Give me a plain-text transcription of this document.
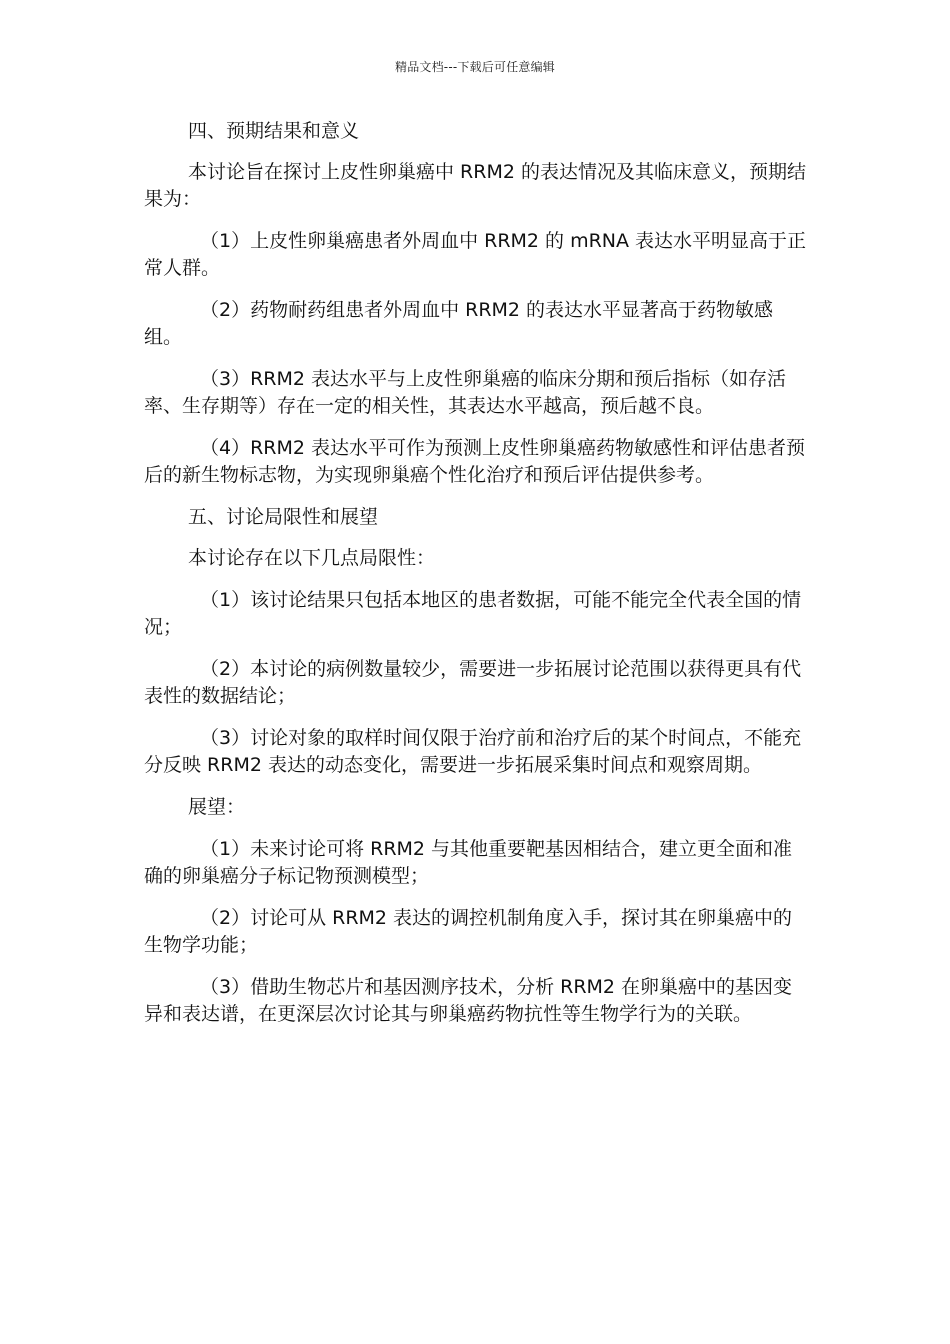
精品文档---下载后可任意编辑

四、预期结果和意义

本讨论旨在探讨上皮性卵巢癌中 RRM2 的表达情况及其临床意义，预期结果为：

（1）上皮性卵巢癌患者外周血中 RRM2 的 mRNA 表达水平明显高于正常人群。

（2）药物耐药组患者外周血中 RRM2 的表达水平显著高于药物敏感组。

（3）RRM2 表达水平与上皮性卵巢癌的临床分期和预后指标（如存活率、生存期等）存在一定的相关性，其表达水平越高，预后越不良。

（4）RRM2 表达水平可作为预测上皮性卵巢癌药物敏感性和评估患者预后的新生物标志物，为实现卵巢癌个性化治疗和预后评估提供参考。

五、讨论局限性和展望

本讨论存在以下几点局限性：

（1）该讨论结果只包括本地区的患者数据，可能不能完全代表全国的情况；

（2）本讨论的病例数量较少，需要进一步拓展讨论范围以获得更具有代表性的数据结论；

（3）讨论对象的取样时间仅限于治疗前和治疗后的某个时间点，不能充分反映 RRM2 表达的动态变化，需要进一步拓展采集时间点和观察周期。

展望：

（1）未来讨论可将 RRM2 与其他重要靶基因相结合，建立更全面和准确的卵巢癌分子标记物预测模型；

（2）讨论可从 RRM2 表达的调控机制角度入手，探讨其在卵巢癌中的生物学功能；

（3）借助生物芯片和基因测序技术，分析 RRM2 在卵巢癌中的基因变异和表达谱，在更深层次讨论其与卵巢癌药物抗性等生物学行为的关联。
